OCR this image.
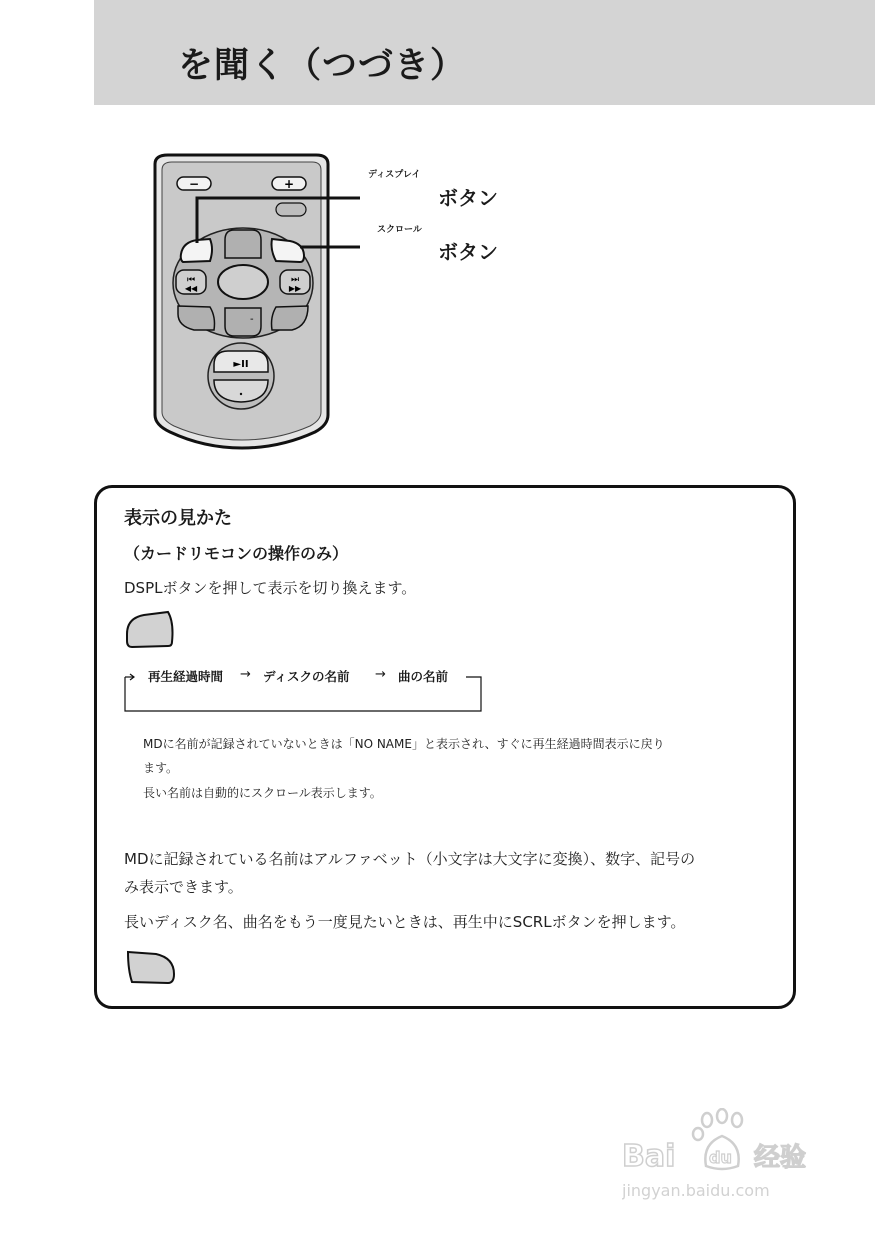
を聞く（つづき）
−	+
⏮
◀◀
⏭
▶▶
-
►II
ディスプレイ
ボタン
スクロール
ボタン
表示の見かた
（カードリモコンの操作のみ）
DSPLボタンを押して表示を切り換えます。
再生経過時間 → ディスクの名前 → 曲の名前
MDに名前が記録されていないときは「NO NAME」と表示され、すぐに再生経過時間表示に戻り
ます。
長い名前は自動的にスクロール表示します。
MDに記録されている名前はアルファベット（小文字は大文字に変換）、数字、記号の
み表示できます。
長いディスク名、曲名をもう一度見たいときは、再生中にSCRLボタンを押します。
Bai du 经验
jingyan.baidu.com
